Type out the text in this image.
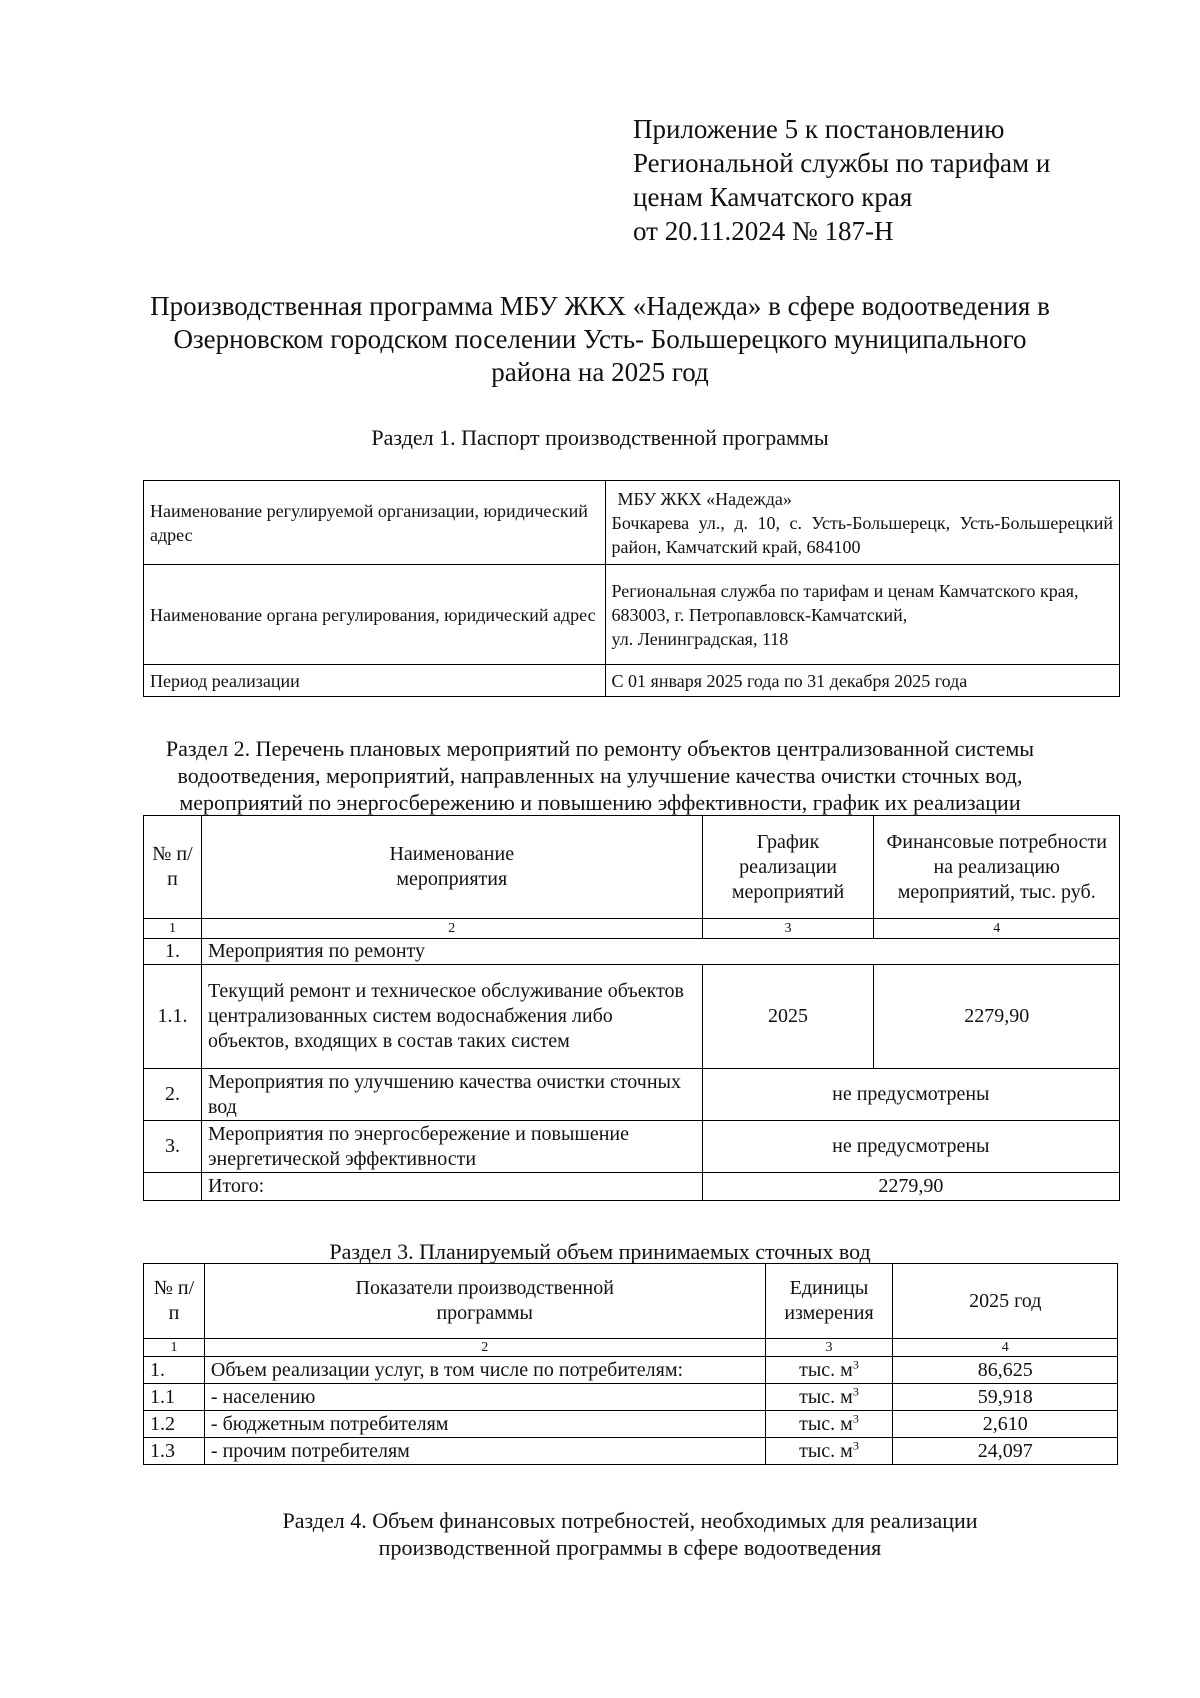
Приложение 5 к постановлению
Региональной службы по тарифам и
ценам Камчатского края
от 20.11.2024 № 187-Н
Производственная программа МБУ ЖКХ «Надежда» в сфере водоотведения в
Озерновском городском поселении Усть- Большерецкого муниципального
района на 2025 год
Раздел 1. Паспорт производственной программы
Наименование регулируемой организации, юридический адрес	МБУ ЖКХ «Надежда»
Бочкарева ул., д. 10, с. Усть-Большерецк, Усть-Большерецкий район, Камчатский край, 684100

Наименование органа регулирования, юридический адрес	Региональная служба по тарифам и ценам Камчатского края,
683003, г. Петропавловск-Камчатский,
ул. Ленинградская, 118

Период реализации	С 01 января 2025 года по 31 декабря 2025 года
Раздел 2. Перечень плановых мероприятий по ремонту объектов централизованной системы
водоотведения, мероприятий, направленных на улучшение качества очистки сточных вод,
мероприятий по энергосбережению и повышению эффективности, график их реализации
№ п/п	Наименование мероприятия	График реализации мероприятий	Финансовые потребности на реализацию мероприятий, тыс. руб.
1	2	3	4
1.	Мероприятия по ремонту		
1.1.	Текущий ремонт и техническое обслуживание объектов централизованных систем водоснабжения либо объектов, входящих в состав таких систем	2025	2279,90
2.	Мероприятия по улучшению качества очистки сточных вод	не предусмотрены	
3.	Мероприятия по энергосбережение и повышение энергетической эффективности	не предусмотрены	
	Итого:	2279,90	
Раздел 3. Планируемый объем принимаемых сточных вод
№ п/п	Показатели производственной программы	Единицы измерения	2025 год
1	2	3	4
1.	Объем реализации услуг, в том числе по потребителям:	тыс. $м^3$	86,625
1.1	- населению	тыс. $м^3$	59,918
1.2	- бюджетным потребителям	тыс. $м^3$	2,610
1.3	- прочим потребителям	тыс. $м^3$	24,097
Раздел 4. Объем финансовых потребностей, необходимых для реализации
производственной программы в сфере водоотведения
